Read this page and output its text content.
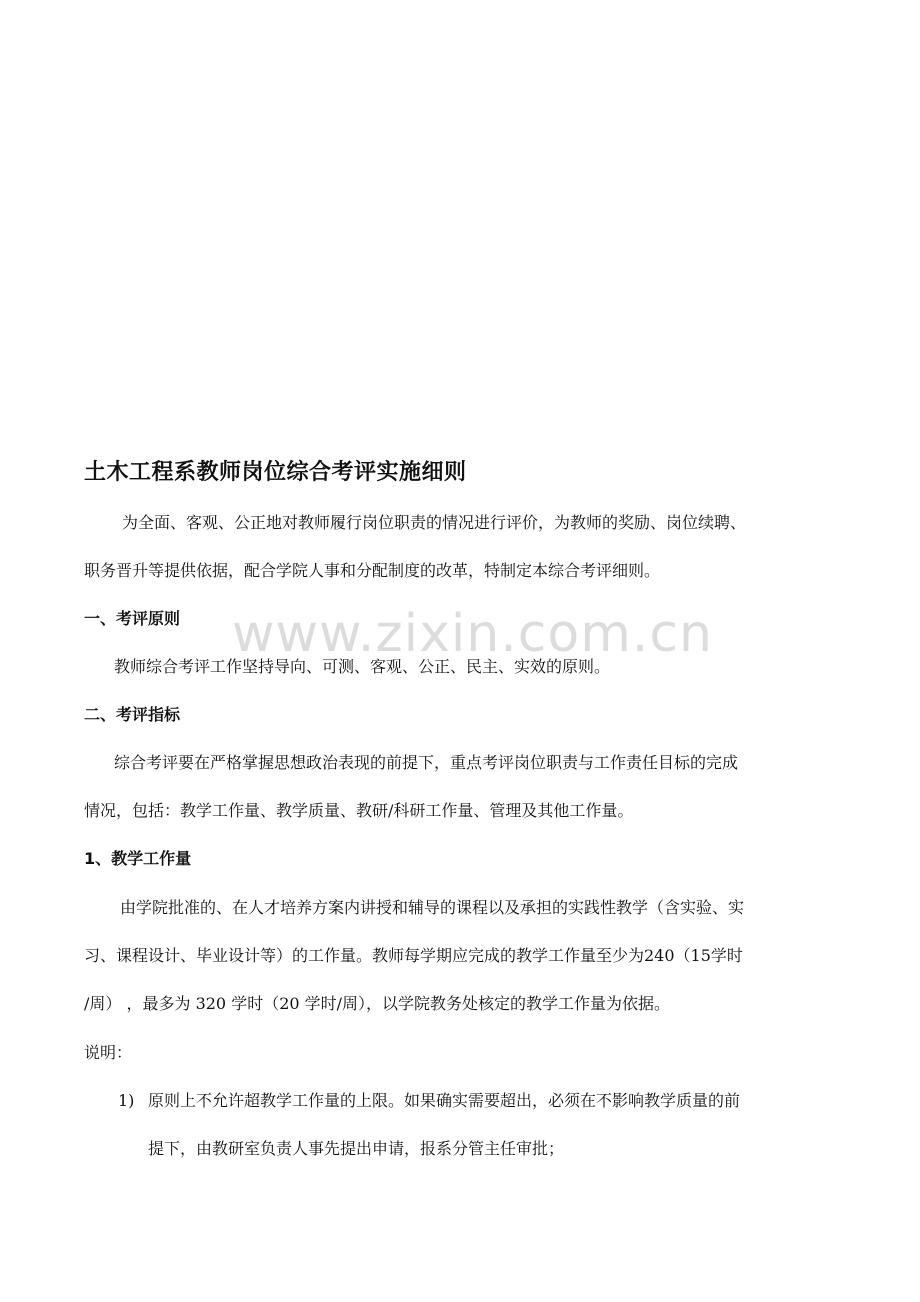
www.zixin.com.cn
土木工程系教师岗位综合考评实施细则
为全面、客观、公正地对教师履行岗位职责的情况进行评价，为教师的奖励、岗位续聘、
职务晋升等提供依据，配合学院人事和分配制度的改革，特制定本综合考评细则。
一、考评原则
教师综合考评工作坚持导向、可测、客观、公正、民主、实效的原则。
二、考评指标
综合考评要在严格掌握思想政治表现的前提下，重点考评岗位职责与工作责任目标的完成
情况，包括：教学工作量、教学质量、教研/科研工作量、管理及其他工作量。
1、教学工作量
由学院批准的、在人才培养方案内讲授和辅导的课程以及承担的实践性教学（含实验、实
习、课程设计、毕业设计等）的工作量。教师每学期应完成的教学工作量至少为240（15学时
/周） ，最多为 320 学时（20 学时/周），以学院教务处核定的教学工作量为依据。
说明：
1) 原则上不允许超教学工作量的上限。如果确实需要超出，必须在不影响教学质量的前
提下，由教研室负责人事先提出申请，报系分管主任审批；
